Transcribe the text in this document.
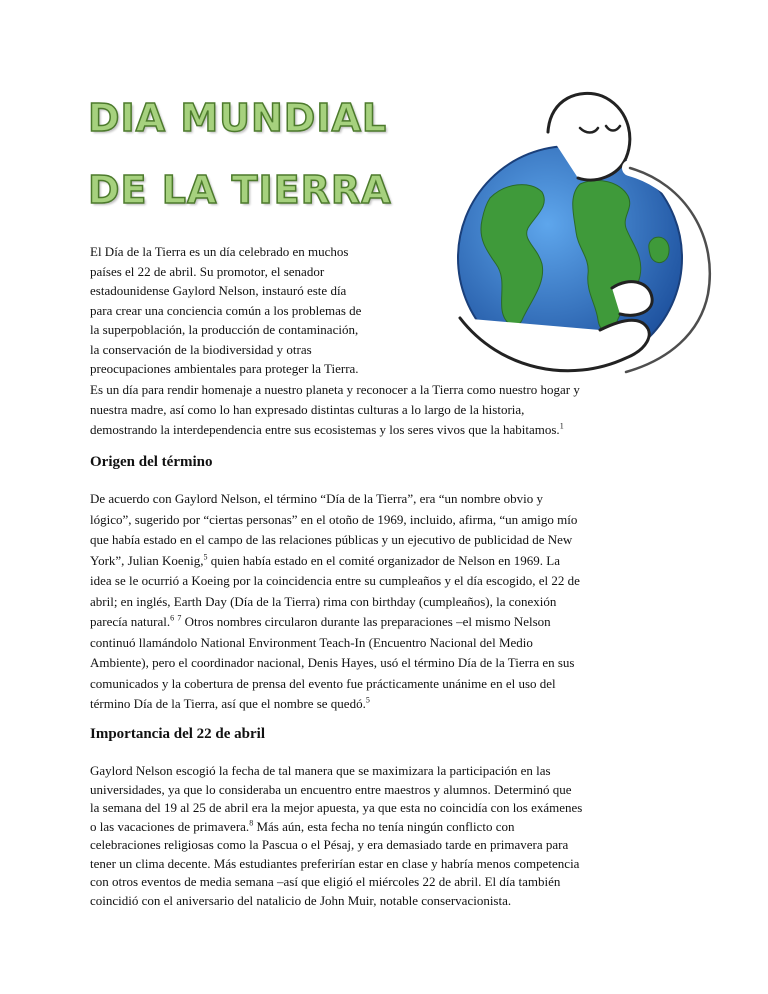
DIA MUNDIAL
DE LA TIERRA

El Día de la Tierra es un día celebrado en muchos
países el 22 de abril. Su promotor, el senador
estadounidense Gaylord Nelson, instauró este día
para crear una conciencia común a los problemas de
la superpoblación, la producción de contaminación,
la conservación de la biodiversidad y otras
preocupaciones ambientales para proteger la Tierra.

Es un día para rendir homenaje a nuestro planeta y reconocer a la Tierra como nuestro hogar y
nuestra madre, así como lo han expresado distintas culturas a lo largo de la historia,
demostrando la interdependencia entre sus ecosistemas y los seres vivos que la habitamos.$^1$

Origen del término

De acuerdo con Gaylord Nelson, el término “Día de la Tierra”, era “un nombre obvio y
lógico”, sugerido por “ciertas personas” en el otoño de 1969, incluido, afirma, “un amigo mío
que había estado en el campo de las relaciones públicas y un ejecutivo de publicidad de New
York”, Julian Koenig,$^5$ quien había estado en el comité organizador de Nelson en 1969. La
idea se le ocurrió a Koeing por la coincidencia entre su cumpleaños y el día escogido, el 22 de
abril; en inglés, Earth Day (Día de la Tierra) rima con birthday (cumpleaños), la conexión
parecía natural.$^6$ $^7$ Otros nombres circularon durante las preparaciones –el mismo Nelson
continuó llamándolo National Environment Teach-In (Encuentro Nacional del Medio
Ambiente), pero el coordinador nacional, Denis Hayes, usó el término Día de la Tierra en sus
comunicados y la cobertura de prensa del evento fue prácticamente unánime en el uso del
término Día de la Tierra, así que el nombre se quedó.$^5$

Importancia del 22 de abril

Gaylord Nelson escogió la fecha de tal manera que se maximizara la participación en las
universidades, ya que lo consideraba un encuentro entre maestros y alumnos. Determinó que
la semana del 19 al 25 de abril era la mejor apuesta, ya que esta no coincidía con los exámenes
o las vacaciones de primavera.$^8$ Más aún, esta fecha no tenía ningún conflicto con
celebraciones religiosas como la Pascua o el Pésaj, y era demasiado tarde en primavera para
tener un clima decente. Más estudiantes preferirían estar en clase y habría menos competencia
con otros eventos de media semana –así que eligió el miércoles 22 de abril. El día también
coincidió con el aniversario del natalicio de John Muir, notable conservacionista.
